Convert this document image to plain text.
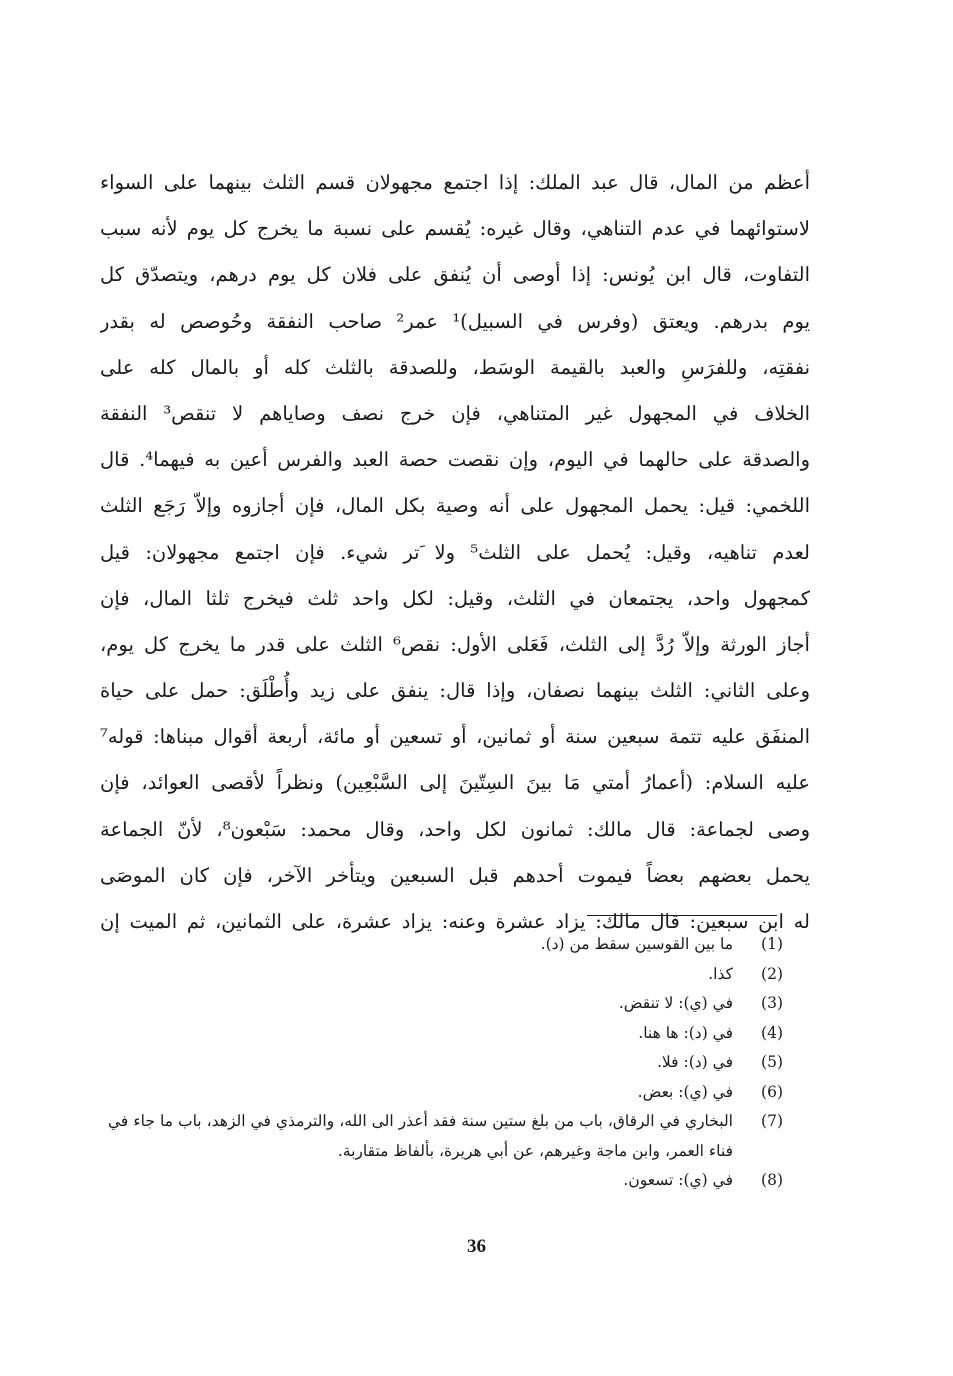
أعظم من المال، قال عبد الملك: إذا اجتمع مجهولان قسم الثلث بينهما على السواء
لاستوائهما في عدم التناهي، وقال غيره: يُقسم على نسبة ما يخرج كل يوم لأنه سبب
التفاوت، قال ابن يُونس: إذا أوصى أن يُنفق على فلان كل يوم درهم، ويتصدّق كل
يوم بدرهم. ويعتق (وفرس في السبيل)¹ عمر² صاحب النفقة وحُوصص له بقدر
نفقتِه، وللفرَسِ والعبد بالقيمة الوسَط، وللصدقة بالثلث كله أو بالمال كله على
الخلاف في المجهول غير المتناهي، فإن خرج نصف وصاياهم لا تنقص³ النفقة
والصدقة على حالهما في اليوم، وإن نقصت حصة العبد والفرس أعين به فيهما⁴. قال
اللخمي: قيل: يحمل المجهول على أنه وصية بكل المال، فإن أجازوه وإلاّ رَجَع الثلث
لعدم تناهيه، وقيل: يُحمل على الثلث⁵ ولا َتر شيء. فإن اجتمع مجهولان: قيل
كمجهول واحد، يجتمعان في الثلث، وقيل: لكل واحد ثلث فيخرج ثلثا المال، فإن
أجاز الورثة وإلاّ رُدَّ إلى الثلث، فَعَلى الأول: نقص⁶ الثلث على قدر ما يخرج كل يوم،
وعلى الثاني: الثلث بينهما نصفان، وإذا قال: ينفق على زيد وأُطْلَق: حمل على حياة
المنفَق عليه تتمة سبعين سنة أو ثمانين، أو تسعين أو مائة، أربعة أقوال مبناها: قوله⁷
عليه السلام: (أعمارُ أمتي مَا بينَ السِتّينَ إلى السَّبْعِين) ونظراً لأقصى العوائد، فإن
وصى لجماعة: قال مالك: ثمانون لكل واحد، وقال محمد: سَبْعون⁸، لأنّ الجماعة
يحمل بعضهم بعضاً فيموت أحدهم قبل السبعين ويتأخر الآخر، فإن كان الموصَى
له ابن سبعين: قال مالك: يزاد عشرة وعنه: يزاد عشرة، على الثمانين، ثم الميت إن
(1)
ما بين القوسين سقط من (د).
(2)
كذا.
(3)
في (ي): لا تنقض.
(4)
في (د): ها هنا.
(5)
في (د): فلا.
(6)
في (ي): بعض.
(7)
البخاري في الرقاق، باب من بلغ ستين سنة فقد أعذر الى الله، والترمذي في الزهد، باب ما جاء في فناء العمر، وابن ماجة وغيرهم، عن أبي هريرة، بألفاظ متقاربة.
(8)
في (ي): تسعون.
36
